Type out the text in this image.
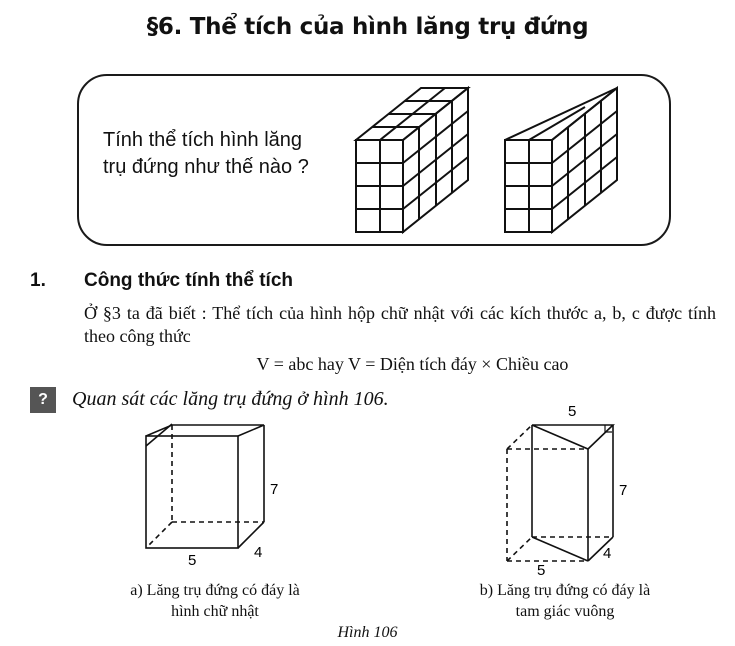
§6. Thể tích của hình lăng trụ đứng
Tính thể tích hình lăng
trụ đứng như thế nào ?
1. Công thức tính thể tích
Ở §3 ta đã biết : Thể tích của hình hộp chữ nhật với các kích thước a, b, c được tính theo công thức
V = abc hay V = Diện tích đáy × Chiều cao
?	Quan sát các lăng trụ đứng ở hình 106.
7
4
5
a) Lăng trụ đứng có đáy là
hình chữ nhật
5
7
4
5
b) Lăng trụ đứng có đáy là
tam giác vuông
Hình 106
